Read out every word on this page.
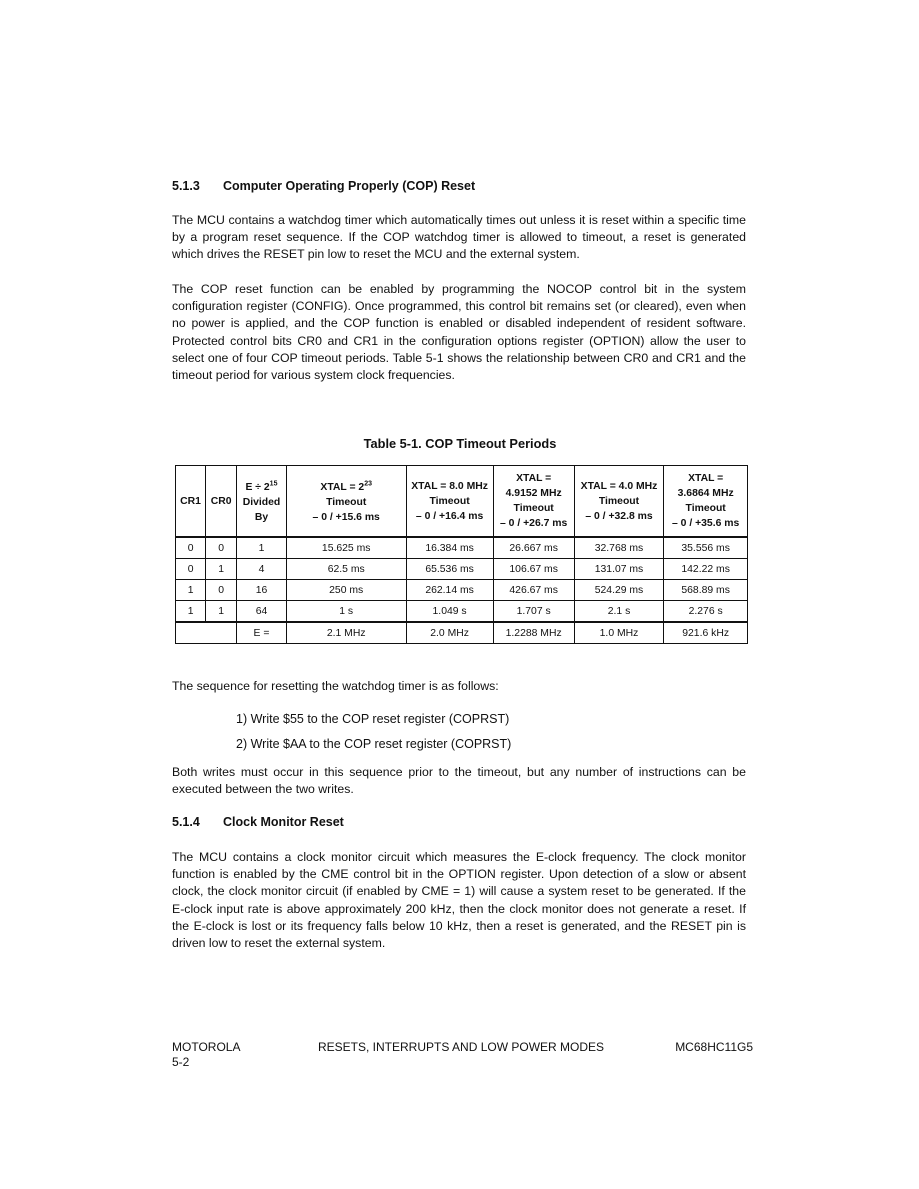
5.1.3 Computer Operating Properly (COP) Reset

The MCU contains a watchdog timer which automatically times out unless it is reset within a specific time by a program reset sequence. If the COP watchdog timer is allowed to timeout, a reset is generated which drives the RESET pin low to reset the MCU and the external system.

The COP reset function can be enabled by programming the NOCOP control bit in the system configuration register (CONFIG). Once programmed, this control bit remains set (or cleared), even when no power is applied, and the COP function is enabled or disabled independent of resident software. Protected control bits CR0 and CR1 in the configuration options register (OPTION) allow the user to select one of four COP timeout periods. Table 5-1 shows the relationship between CR0 and CR1 and the timeout period for various system clock frequencies.

Table 5-1. COP Timeout Periods
CR1	CR0	$E \div 2^{15}$
Divided
By	XTAL = $2^{23}$
Timeout
– 0 / +15.6 ms	XTAL = 8.0 MHz
Timeout
– 0 / +16.4 ms	XTAL =
4.9152 MHz
Timeout
– 0 / +26.7 ms	XTAL = 4.0 MHz
Timeout
– 0 / +32.8 ms	XTAL =
3.6864 MHz
Timeout
– 0 / +35.6 ms
0	0	1	15.625 ms	16.384 ms	26.667 ms	32.768 ms	35.556 ms
0	1	4	62.5 ms	65.536 ms	106.67 ms	131.07 ms	142.22 ms
1	0	16	250 ms	262.14 ms	426.67 ms	524.29 ms	568.89 ms
1	1	64	1 s	1.049 s	1.707 s	2.1 s	2.276 s
		E =	2.1 MHz	2.0 MHz	1.2288 MHz	1.0 MHz	921.6 kHz

The sequence for resetting the watchdog timer is as follows:

1) Write $55 to the COP reset register (COPRST)
2) Write $AA to the COP reset register (COPRST)

Both writes must occur in this sequence prior to the timeout, but any number of instructions can be executed between the two writes.

5.1.4 Clock Monitor Reset

The MCU contains a clock monitor circuit which measures the E-clock frequency. The clock monitor function is enabled by the CME control bit in the OPTION register. Upon detection of a slow or absent clock, the clock monitor circuit (if enabled by CME = 1) will cause a system reset to be generated. If the E-clock input rate is above approximately 200 kHz, then the clock monitor does not generate a reset. If the E-clock is lost or its frequency falls below 10 kHz, then a reset is generated, and the RESET pin is driven low to reset the external system.

MOTOROLA
5-2
RESETS, INTERRUPTS AND LOW POWER MODES	MC68HC11G5
